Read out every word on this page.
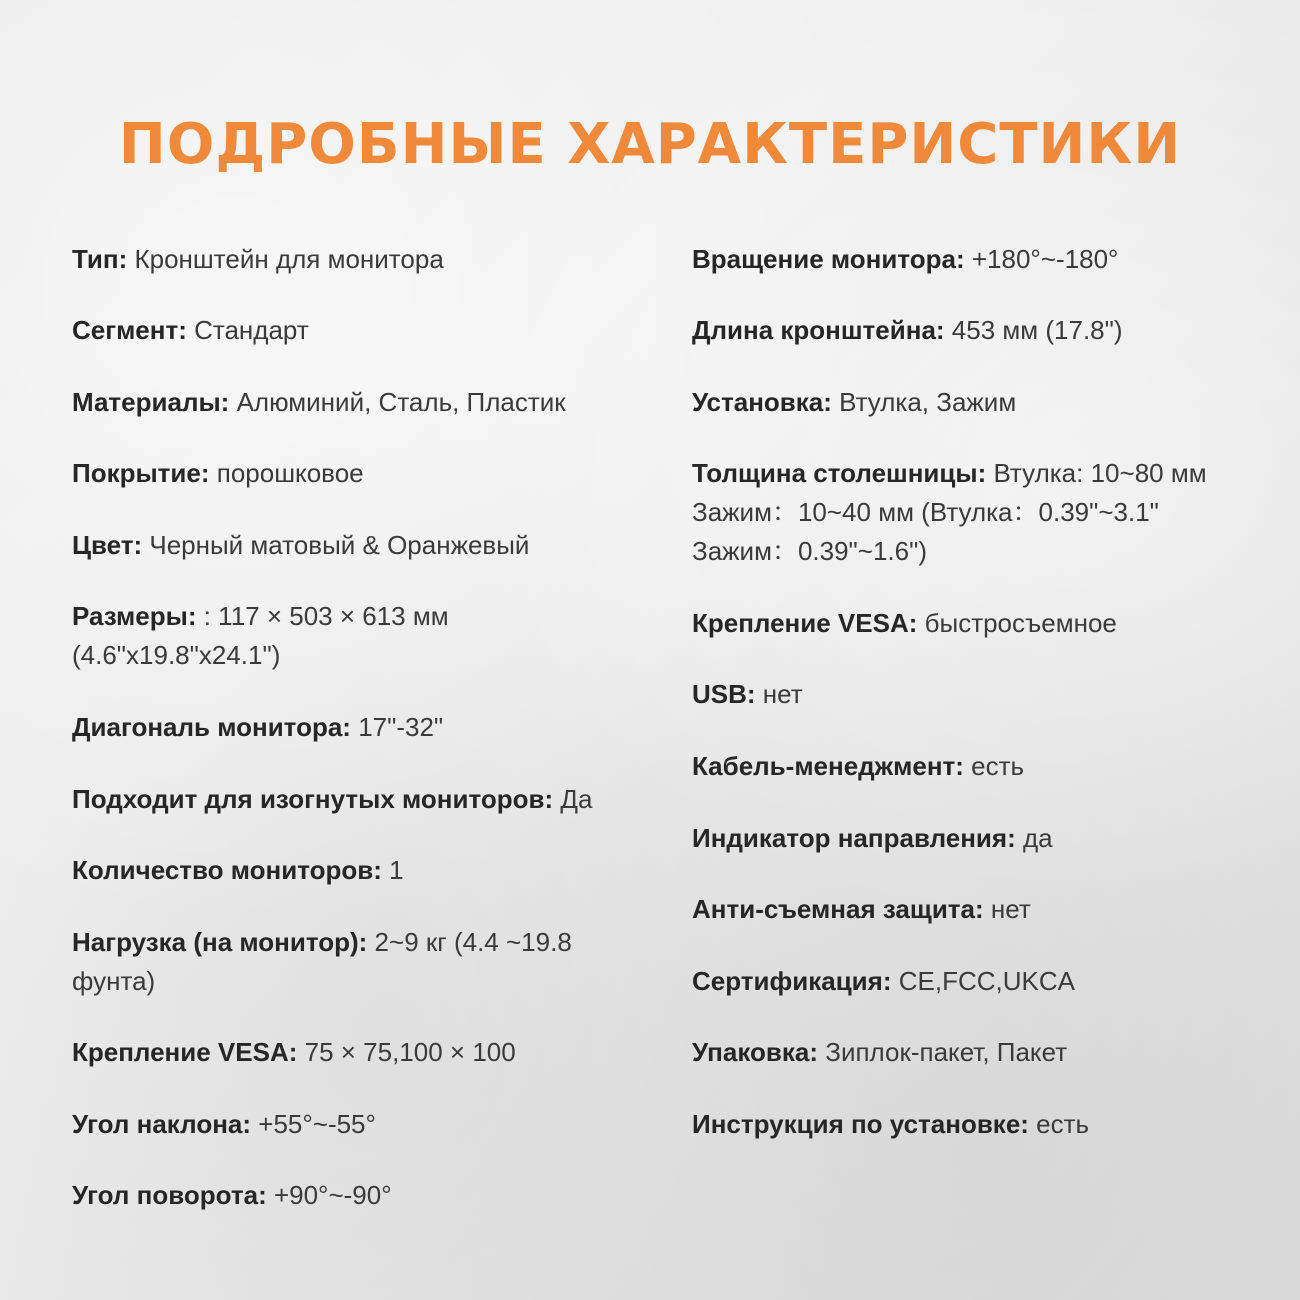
ПОДРОБНЫЕ ХАРАКТЕРИСТИКИ

Тип: Кронштейн для монитора

Сегмент: Стандарт

Материалы: Алюминий, Сталь, Пластик

Покрытие: порошковое

Цвет: Черный матовый & Оранжевый

Размеры: : 117 × 503 × 613 мм (4.6"x19.8"x24.1")

Диагональ монитора: 17"-32"

Подходит для изогнутых мониторов: Да

Количество мониторов: 1

Нагрузка (на монитор): 2~9 кг (4.4 ~19.8 фунта)

Крепление VESA: 75 × 75,100 × 100

Угол наклона: +55°~-55°

Угол поворота: +90°~-90°

Вращение монитора: +180°~-180°

Длина кронштейна: 453 мм (17.8")

Установка: Втулка, Зажим

Толщина столешницы: Втулка: 10~80 мм Зажим：10~40 мм (Втулка：0.39"~3.1" Зажим：0.39"~1.6")

Крепление VESA: быстросъемное

USB: нет

Кабель-менеджмент: есть

Индикатор направления: да

Анти-съемная защита: нет

Сертификация: CE,FCC,UKCA

Упаковка: Зиплок-пакет, Пакет

Инструкция по установке: есть
